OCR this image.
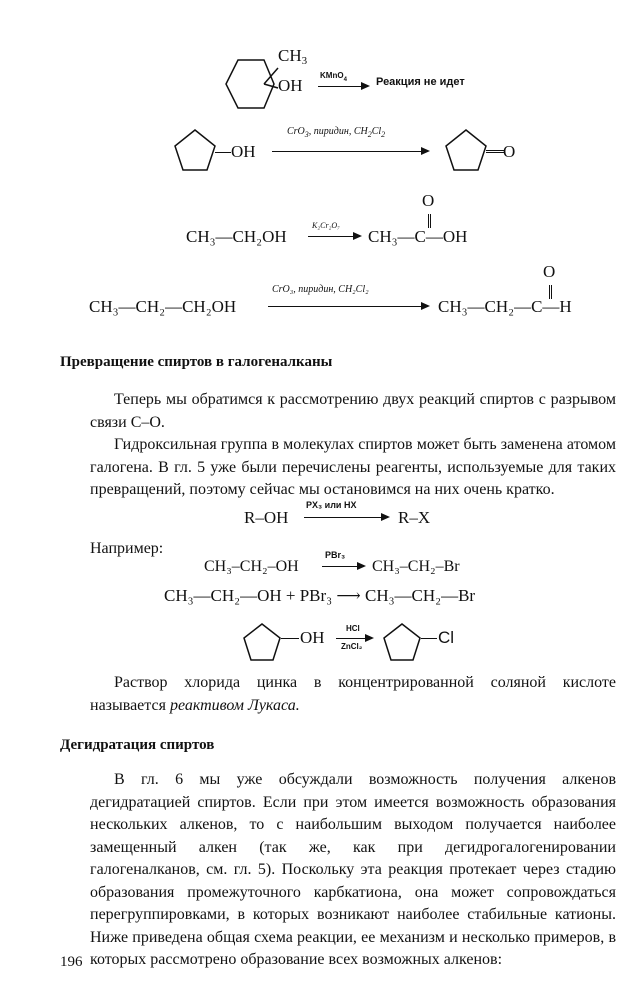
$CH_3$
OH
KMnO$_4$	Реакция не идет
OH
CrO$_3$, пиридин, $CH_2Cl_2$
O
CH₃—CH₂OH
K₂Cr₂O₇
O
CH₃—C—OH
CH₃—CH₂—CH₂OH
CrO₃, пиридин, CH₂Cl₂
O
CH₃—CH₂—C—H
Превращение спиртов в галогеналканы

Теперь мы обратимся к рассмотрению двух реакций спиртов с разрывом связи C–O.

Гидроксильная группа в молекулах спиртов может быть заменена атомом галогена. В гл. 5 уже были перечислены реагенты, используемые для таких превращений, поэтому сейчас мы остановимся на них очень кратко.

R–OH
PX₃ или HX
R–X
Например:
CH₃–CH₂–OH
PBr₃
CH₃–CH₂–Br
CH₃—CH₂—OH + PBr₃ ⟶ CH₃—CH₂—Br
OH	HCl
ZnCl₂	Cl

Раствор хлорида цинка в концентрированной соляной кислоте называется реактивом Лукаса.

Дегидратация спиртов

В гл. 6 мы уже обсуждали возможность получения алкенов дегидратацией спиртов. Если при этом имеется возможность образования нескольких алкенов, то с наибольшим выходом получается наиболее замещенный алкен (так же, как при дегидрогалогенировании галогеналканов, см. гл. 5). Поскольку эта реакция протекает через стадию образования промежуточного карбкатиона, она может сопровождаться перегруппировками, в которых возникают наиболее стабильные катионы. Ниже приведена общая схема реакции, ее механизм и несколько примеров, в которых рассмотрено образование всех возможных алкенов:

196
